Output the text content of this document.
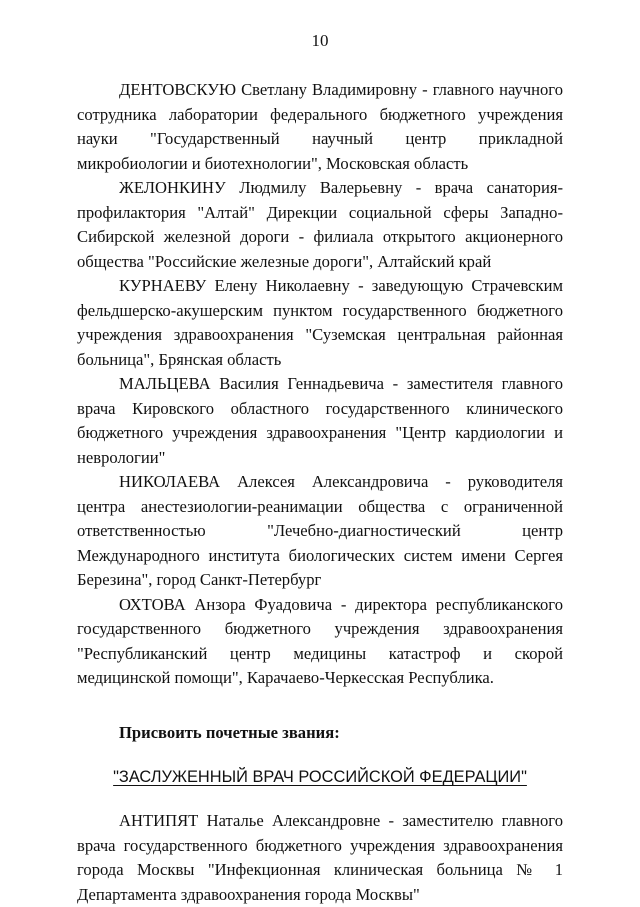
10

ДЕНТОВСКУЮ Светлану Владимировну - главного научного сотрудника лаборатории федерального бюджетного учреждения науки "Государственный научный центр прикладной микробиологии и биотехнологии", Московская область

ЖЕЛОНКИНУ Людмилу Валерьевну - врача санатория-профилактория "Алтай" Дирекции социальной сферы Западно-Сибирской железной дороги - филиала открытого акционерного общества "Российские железные дороги", Алтайский край

КУРНАЕВУ Елену Николаевну - заведующую Страчевским фельдшерско-акушерским пунктом государственного бюджетного учреждения здравоохранения "Суземская центральная районная больница", Брянская область

МАЛЬЦЕВА Василия Геннадьевича - заместителя главного врача Кировского областного государственного клинического бюджетного учреждения здравоохранения "Центр кардиологии и неврологии"

НИКОЛАЕВА Алексея Александровича - руководителя центра анестезиологии-реанимации общества с ограниченной ответственностью "Лечебно-диагностический центр Международного института биологических систем имени Сергея Березина", город Санкт-Петербург

ОХТОВА Анзора Фуадовича - директора республиканского государственного бюджетного учреждения здравоохранения "Республиканский центр медицины катастроф и скорой медицинской помощи", Карачаево-Черкесская Республика.

Присвоить почетные звания:

"ЗАСЛУЖЕННЫЙ ВРАЧ РОССИЙСКОЙ ФЕДЕРАЦИИ"

АНТИПЯТ Наталье Александровне - заместителю главного врача государственного бюджетного учреждения здравоохранения города Москвы "Инфекционная клиническая больница № 1 Департамента здравоохранения города Москвы"
